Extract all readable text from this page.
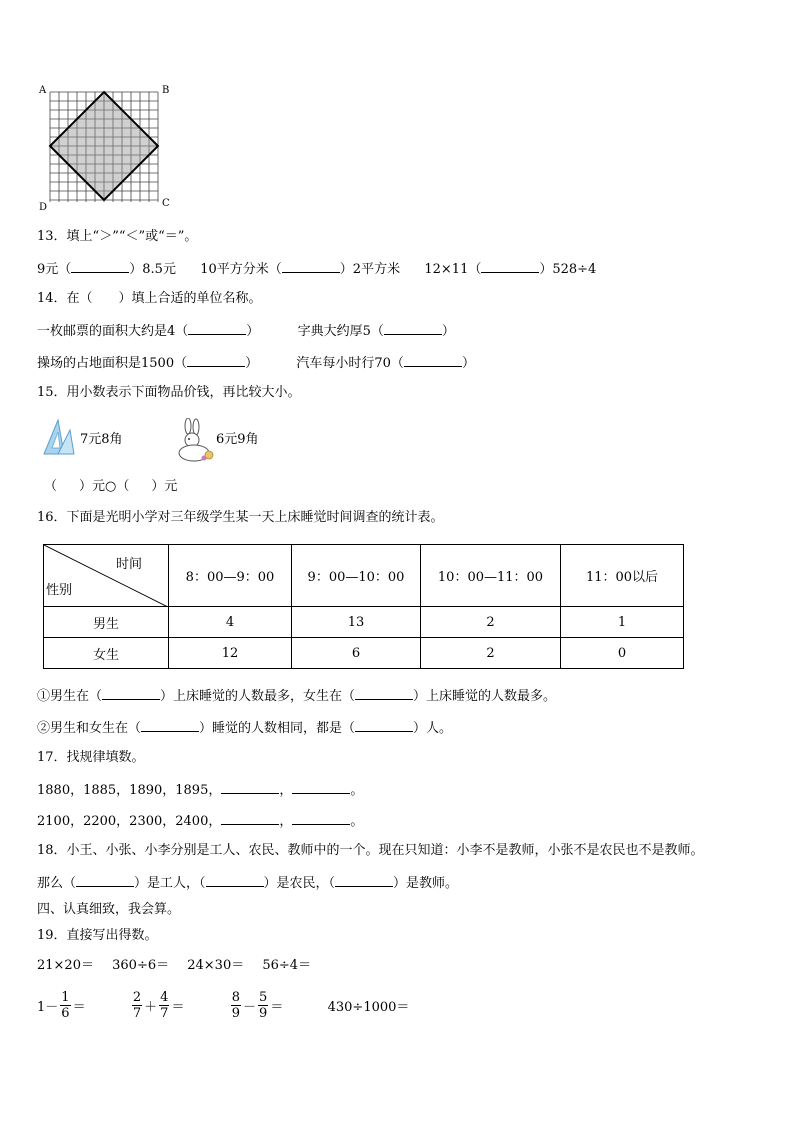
A	B
C
D
13．填上“＞”“＜”或“＝”。
9元（	）8.5元 10平方分米（	）2平方米 12×11（	）528÷4
14．在（　　）填上合适的单位名称。
一枚邮票的面积大约是4（	）	字典大约厚5（	）
操场的占地面积是1500（	）	汽车每小时行70（	）
15．用小数表示下面物品价钱，再比较大小。
7元8角	6元9角
（ ）元○（ ）元
16．下面是光明小学对三年级学生某一天上床睡觉时间调查的统计表。
时间
性别	8：00—9：00	9：00—10：00	10：00—11：00	11：00以后
男生	4	13	2	1
女生	12	6	2	0
①男生在（	）上床睡觉的人数最多，女生在（	）上床睡觉的人数最多。
②男生和女生在（	）睡觉的人数相同，都是（	）人。
17．找规律填数。
1880，1885，1890，1895，	，	。
2100，2200，2300，2400，	，	。
18．小王、小张、小李分别是工人、农民、教师中的一个。现在只知道：小李不是教师，小张不是农民也不是教师。
那么（	）是工人，（	）是农民，（	）是教师。
四、认真细致，我会算。
19．直接写出得数。
21×20＝ 360÷6＝ 24×30＝ 56÷4＝
$1- \frac{1}{6}$ ＝	$\frac{2}{7} + \frac{4}{7}$ ＝	$\frac{8}{9} - \frac{5}{9}$ ＝	430÷1000＝
